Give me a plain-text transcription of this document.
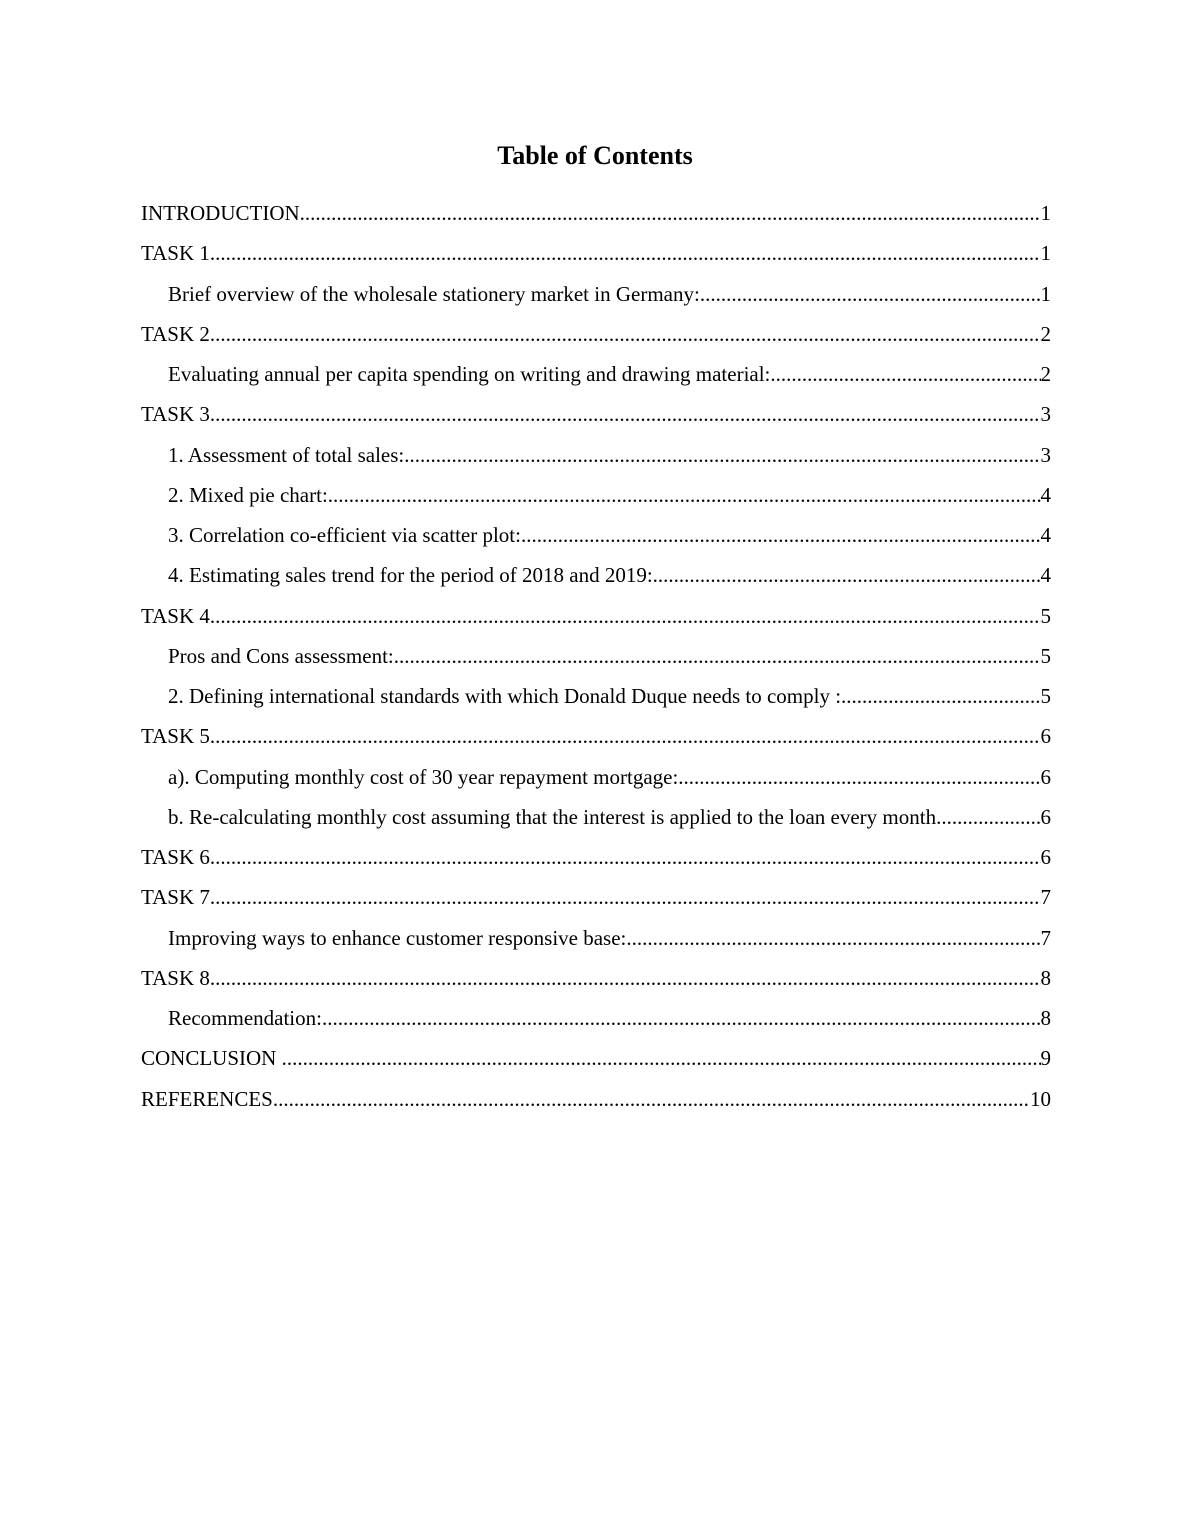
Table of Contents
INTRODUCTION .....	1
TASK 1 .....	1
Brief overview of the wholesale stationery market in Germany: .....	1
TASK 2 .....	2
Evaluating annual per capita spending on writing and drawing material: .....	2
TASK 3 .....	3
1. Assessment of total sales: .....	3
2. Mixed pie chart: .....	4
3. Correlation co-efficient via scatter plot: .....	4
4. Estimating sales trend for the period of 2018 and 2019: .....	4
TASK 4 .....	5
Pros and Cons assessment: .....	5
2. Defining international standards with which Donald Duque needs to comply : .....	5
TASK 5 .....	6
a). Computing monthly cost of 30 year repayment mortgage: .....	6
b. Re-calculating monthly cost assuming that the interest is applied to the loan every month .....	6
TASK 6 .....	6
TASK 7 .....	7
Improving ways to enhance customer responsive base: .....	7
TASK 8 .....	8
Recommendation: .....	8
CONCLUSION .....	9
REFERENCES .....	10
